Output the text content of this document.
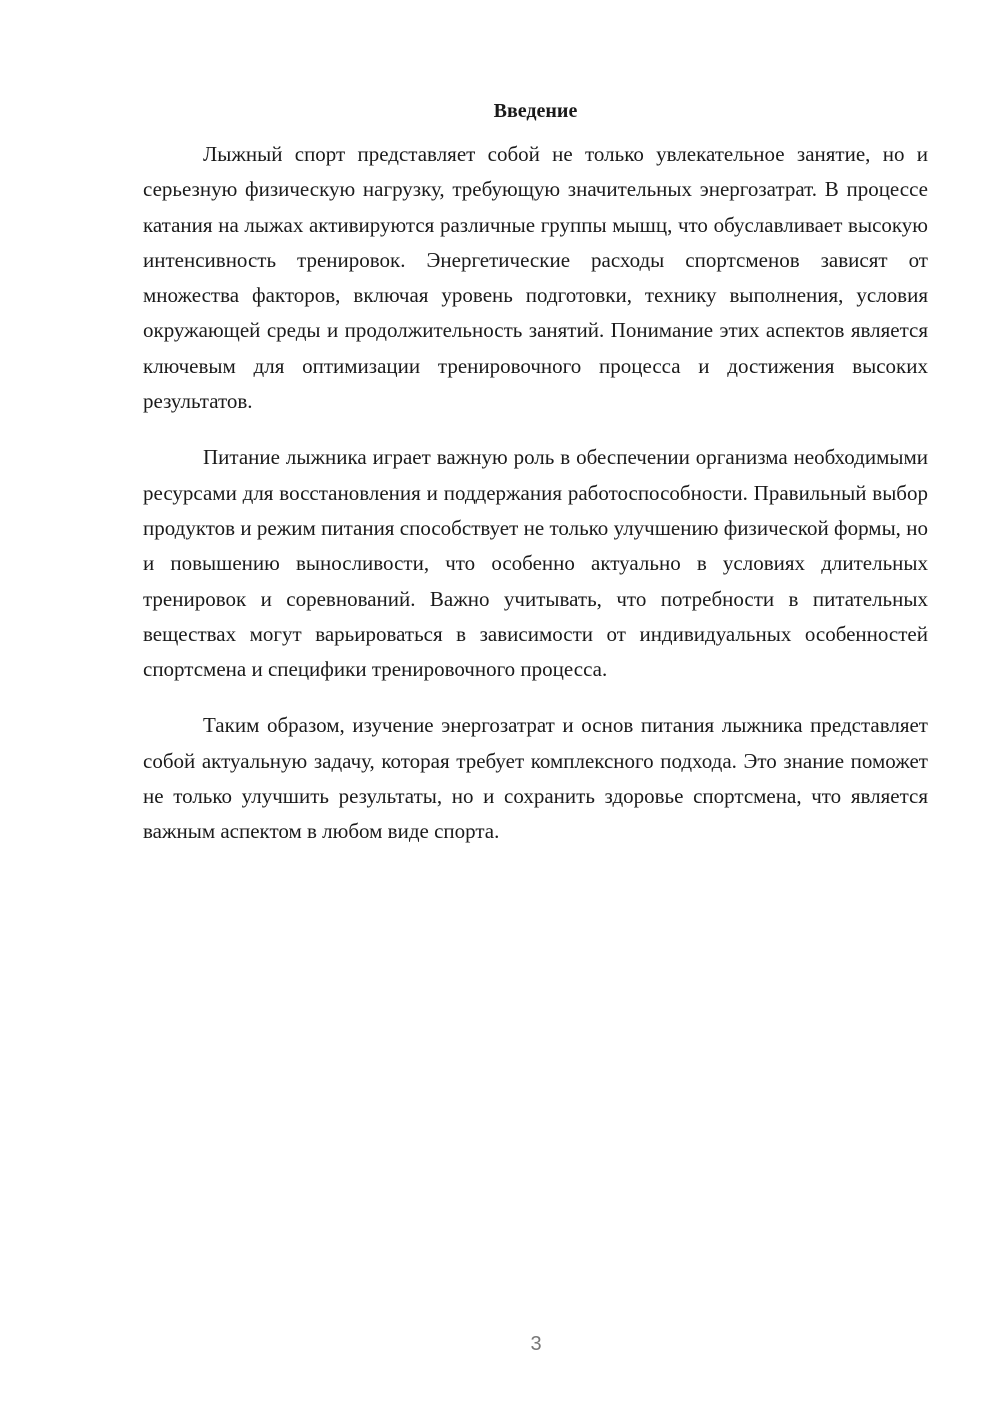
Введение

Лыжный спорт представляет собой не только увлекательное занятие, но и серьезную физическую нагрузку, требующую значительных энергозатрат. В процессе катания на лыжах активируются различные группы мышц, что обуславливает высокую интенсивность тренировок. Энергетические расходы спортсменов зависят от множества факторов, включая уровень подготовки, технику выполнения, условия окружающей среды и продолжительность занятий. Понимание этих аспектов является ключевым для оптимизации тренировочного процесса и достижения высоких результатов.

Питание лыжника играет важную роль в обеспечении организма необходимыми ресурсами для восстановления и поддержания работоспособности. Правильный выбор продуктов и режим питания способствует не только улучшению физической формы, но и повышению выносливости, что особенно актуально в условиях длительных тренировок и соревнований. Важно учитывать, что потребности в питательных веществах могут варьироваться в зависимости от индивидуальных особенностей спортсмена и специфики тренировочного процесса.

Таким образом, изучение энергозатрат и основ питания лыжника представляет собой актуальную задачу, которая требует комплексного подхода. Это знание поможет не только улучшить результаты, но и сохранить здоровье спортсмена, что является важным аспектом в любом виде спорта.

3
